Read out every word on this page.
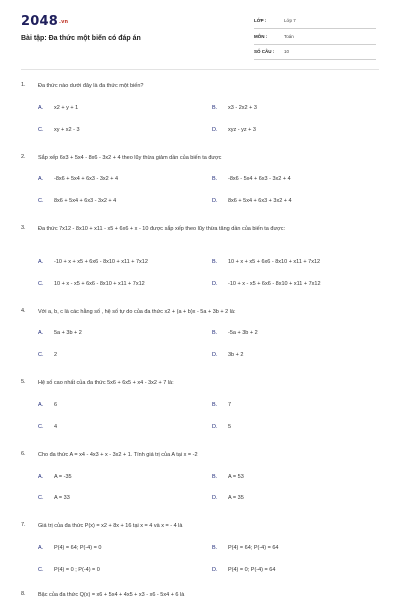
2048.vn
Bài tập: Đa thức một biến có đáp án
LỚP :	Lớp 7
MÔN :	Toán
SỐ CÂU : 10
1. Đa thức nào dưới đây là đa thức một biến?
A. x2 + y + 1	B. x3 - 2x2 + 3
C. xy + x2 - 3	D. xyz - yz + 3
2. Sắp xếp 6x3 + 5x4 - 8x6 - 3x2 + 4 theo lũy thừa giảm dần của biến ta được
A. -8x6 + 5x4 + 6x3 - 3x2 + 4	B. -8x6 - 5x4 + 6x3 - 3x2 + 4
C. 8x6 + 5x4 + 6x3 - 3x2 + 4	D. 8x6 + 5x4 + 6x3 + 3x2 + 4
3. Đa thức 7x12 - 8x10 + x11 - x5 + 6x6 + x - 10 được sắp xếp theo lũy thừa tăng dần của biến ta được:
A. -10 + x + x5 + 6x6 - 8x10 + x11 + 7x12	B. 10 + x + x5 + 6x6 - 8x10 + x11 + 7x12
C. 10 + x - x5 + 6x6 - 8x10 + x11 + 7x12	D. -10 + x - x5 + 6x6 - 8x10 + x11 + 7x12
4. Với a, b, c là các hằng số , hệ số tự do của đa thức x2 + (a + b)x - 5a + 3b + 2 là:
A. 5a + 3b + 2	B. -5a + 3b + 2
C. 2	D. 3b + 2
5. Hệ số cao nhất của đa thức 5x6 + 6x5 + x4 - 3x2 + 7 là:
A. 6	B. 7
C. 4	D. 5
6. Cho đa thức A = x4 - 4x3 + x - 3x2 + 1. Tính giá trị của A tại x = -2
A. A = -35	B. A = 53
C. A = 33	D. A = 35
7. Giá trị của đa thức P(x) = x2 + 8x + 16 tại x = 4 và x = - 4 là
A. P(4) = 64; P(-4) = 0	B. P(4) = 64; P(-4) = 64
C. P(4) = 0 ; P(-4) = 0	D. P(4) = 0; P(-4) = 64
8. Bậc của đa thức Q(x) = x6 + 5x4 + 4x5 + x3 - x6 - 5x4 + 6 là
